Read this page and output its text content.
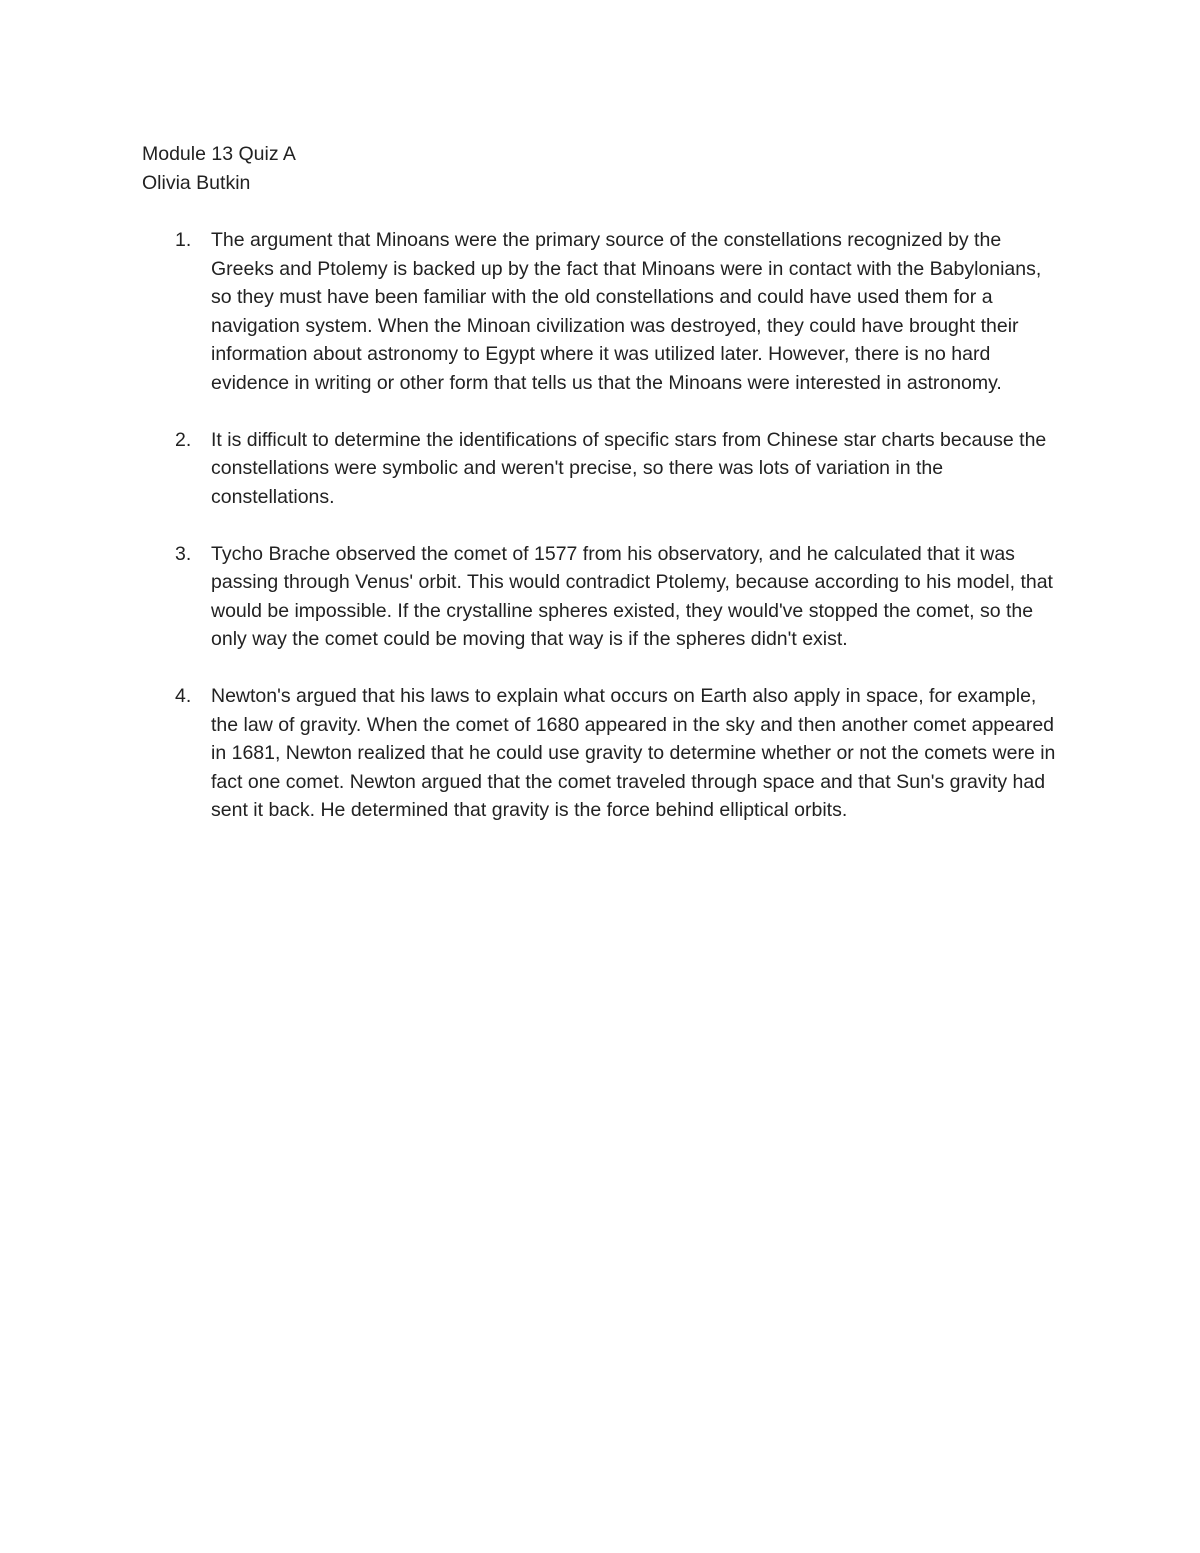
Module 13 Quiz A
Olivia Butkin
1. The argument that Minoans were the primary source of the constellations recognized by the Greeks and Ptolemy is backed up by the fact that Minoans were in contact with the Babylonians, so they must have been familiar with the old constellations and could have used them for a navigation system. When the Minoan civilization was destroyed, they could have brought their information about astronomy to Egypt where it was utilized later. However, there is no hard evidence in writing or other form that tells us that the Minoans were interested in astronomy.
2. It is difficult to determine the identifications of specific stars from Chinese star charts because the constellations were symbolic and weren't precise, so there was lots of variation in the constellations.
3. Tycho Brache observed the comet of 1577 from his observatory, and he calculated that it was passing through Venus' orbit. This would contradict Ptolemy, because according to his model, that would be impossible. If the crystalline spheres existed, they would've stopped the comet, so the only way the comet could be moving that way is if the spheres didn't exist.
4. Newton's argued that his laws to explain what occurs on Earth also apply in space, for example, the law of gravity. When the comet of 1680 appeared in the sky and then another comet appeared in 1681, Newton realized that he could use gravity to determine whether or not the comets were in fact one comet. Newton argued that the comet traveled through space and that Sun's gravity had sent it back. He determined that gravity is the force behind elliptical orbits.
